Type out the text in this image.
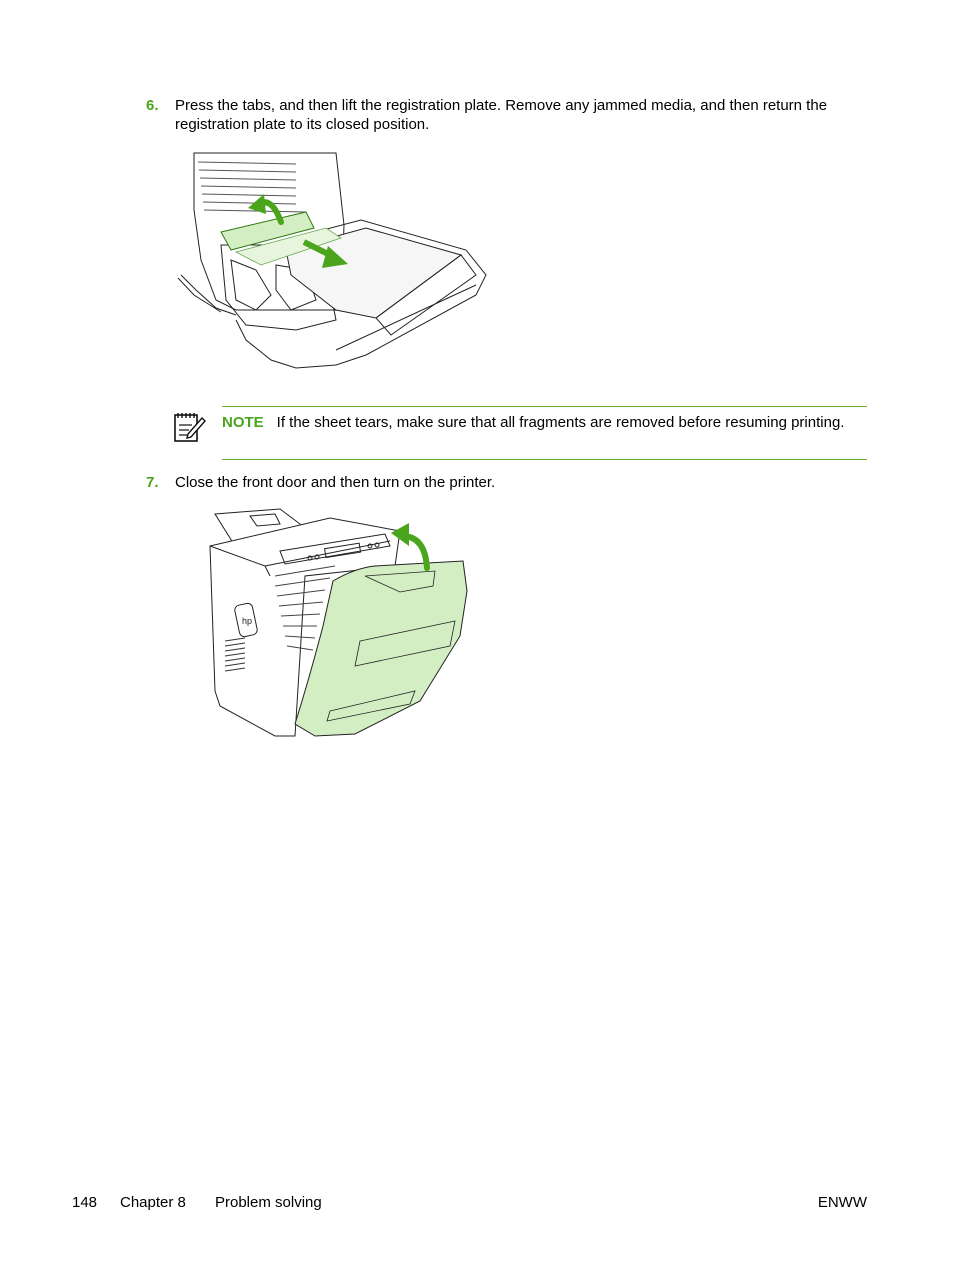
6. Press the tabs, and then lift the registration plate. Remove any jammed media, and then return the registration plate to its closed position.
NOTE If the sheet tears, make sure that all fragments are removed before resuming printing.
7. Close the front door and then turn on the printer.
hp
148 Chapter 8 Problem solving	ENWW
